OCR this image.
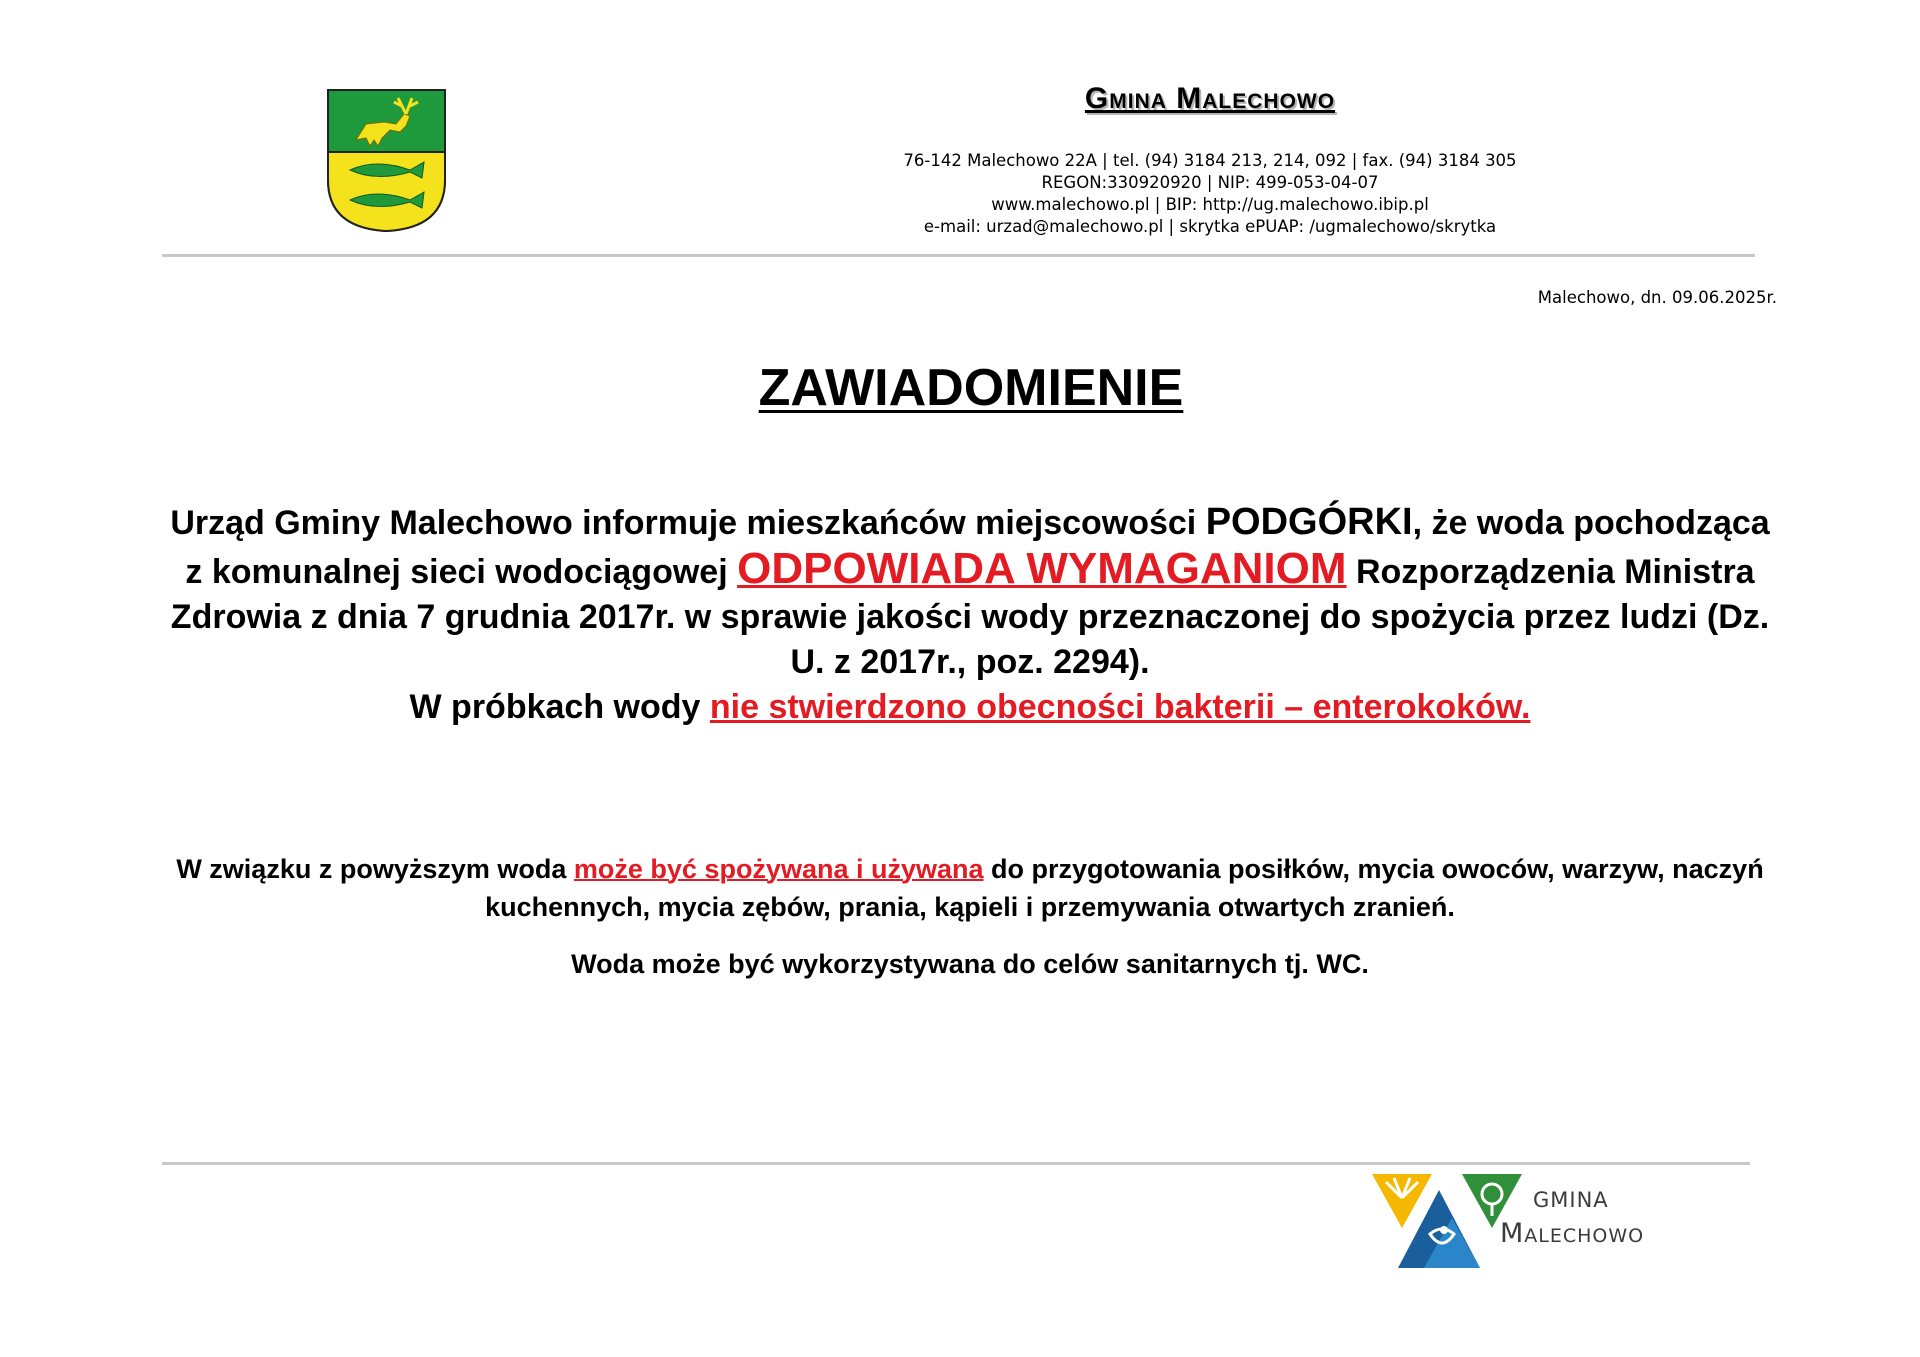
Gmina Malechowo
76-142 Malechowo 22A | tel. (94) 3184 213, 214, 092 | fax. (94) 3184 305
REGON:330920920 | NIP: 499-053-04-07
www.malechowo.pl | BIP: http://ug.malechowo.ibip.pl
e-mail: urzad@malechowo.pl | skrytka ePUAP: /ugmalechowo/skrytka
Malechowo, dn. 09.06.2025r.
ZAWIADOMIENIE
Urząd Gminy Malechowo informuje mieszkańców miejscowości PODGÓRKI, że woda pochodząca
z komunalnej sieci wodociągowej ODPOWIADA WYMAGANIOM Rozporządzenia Ministra Zdrowia z dnia 7 grudnia 2017r. w sprawie jakości wody przeznaczonej do spożycia przez ludzi (Dz. U. z 2017r., poz. 2294).
W próbkach wody nie stwierdzono obecności bakterii – enterokoków.
W związku z powyższym woda może być spożywana i używana do przygotowania posiłków, mycia owoców, warzyw, naczyń kuchennych, mycia zębów, prania, kąpieli i przemywania otwartych zranień.
Woda może być wykorzystywana do celów sanitarnych tj. WC.
GMINA
Malechowo
